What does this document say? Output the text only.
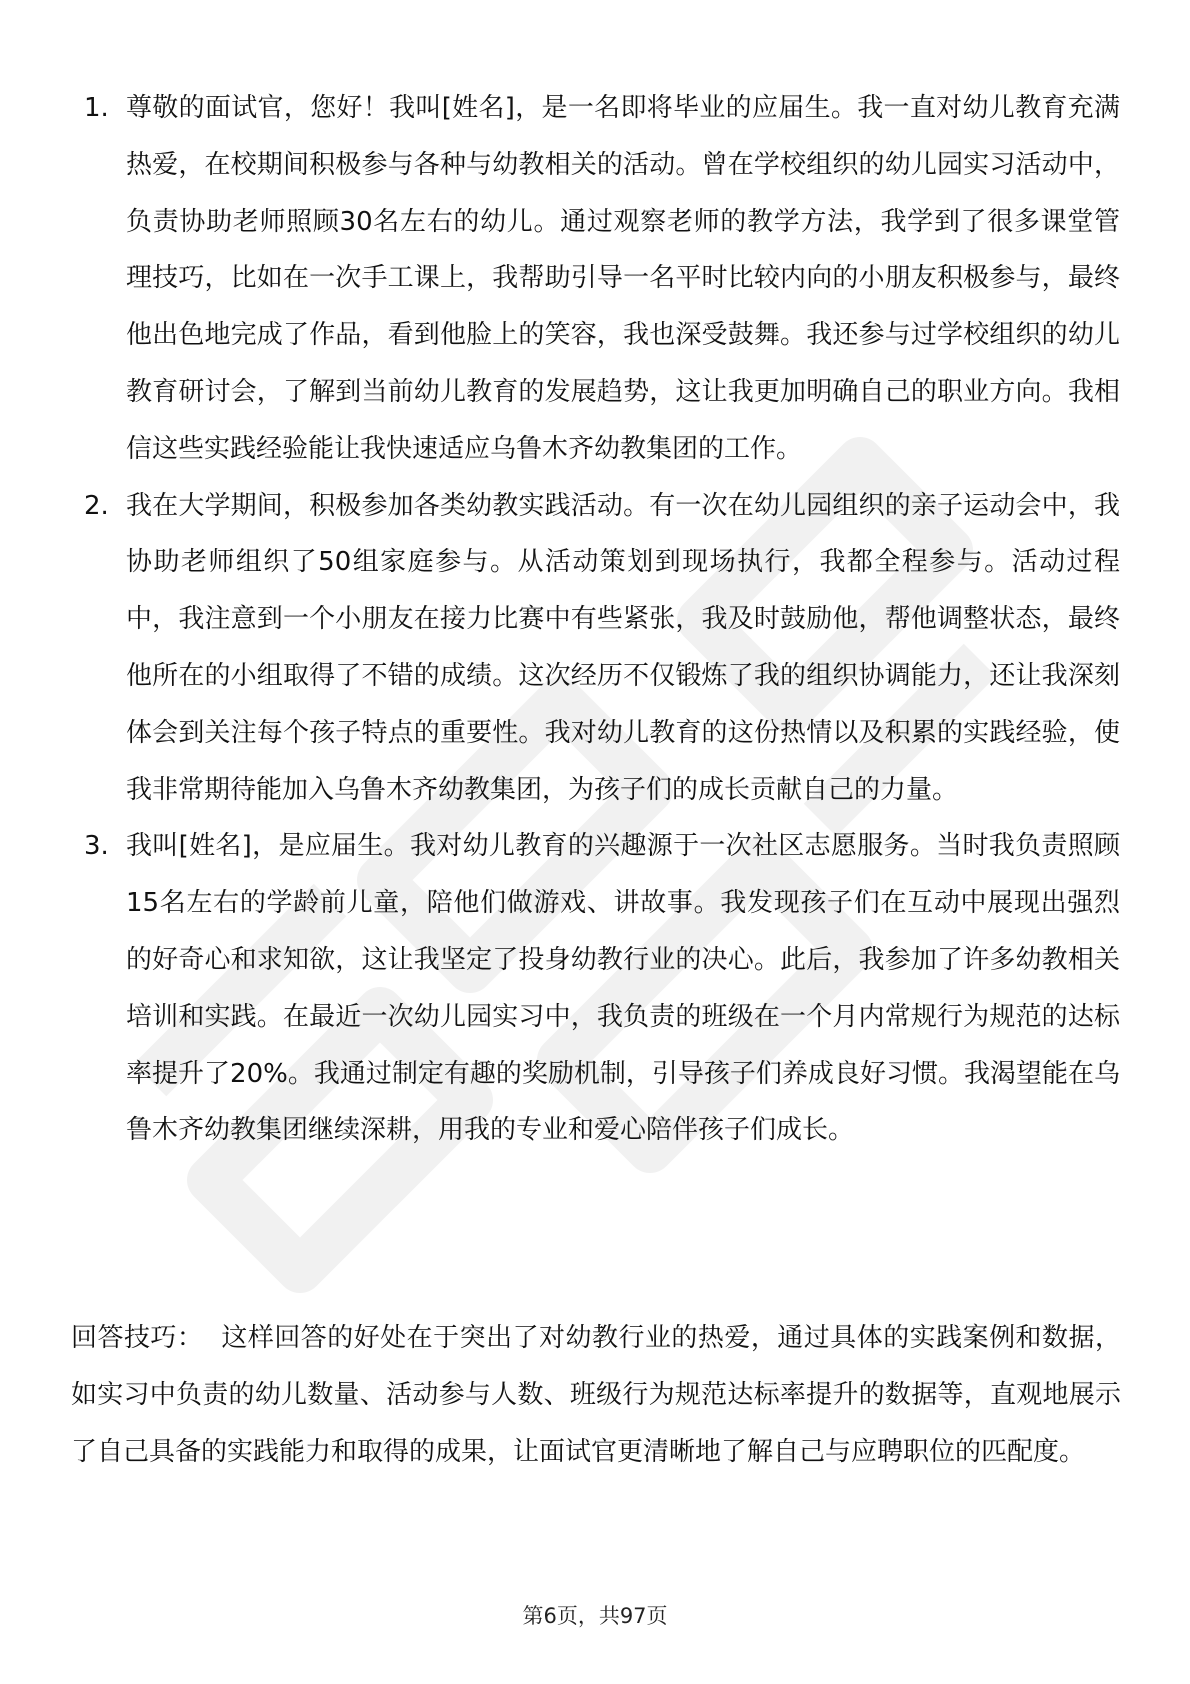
1. 尊敬的面试官，您好！我叫[姓名]，是一名即将毕业的应届生。我一直对幼儿教育充满热爱，在校期间积极参与各种与幼教相关的活动。曾在学校组织的幼儿园实习活动中，负责协助老师照顾30名左右的幼儿。通过观察老师的教学方法，我学到了很多课堂管理技巧，比如在一次手工课上，我帮助引导一名平时比较内向的小朋友积极参与，最终他出色地完成了作品，看到他脸上的笑容，我也深受鼓舞。我还参与过学校组织的幼儿教育研讨会，了解到当前幼儿教育的发展趋势，这让我更加明确自己的职业方向。我相信这些实践经验能让我快速适应乌鲁木齐幼教集团的工作。
2. 我在大学期间，积极参加各类幼教实践活动。有一次在幼儿园组织的亲子运动会中，我协助老师组织了50组家庭参与。从活动策划到现场执行，我都全程参与。活动过程中，我注意到一个小朋友在接力比赛中有些紧张，我及时鼓励他，帮他调整状态，最终他所在的小组取得了不错的成绩。这次经历不仅锻炼了我的组织协调能力，还让我深刻体会到关注每个孩子特点的重要性。我对幼儿教育的这份热情以及积累的实践经验，使我非常期待能加入乌鲁木齐幼教集团，为孩子们的成长贡献自己的力量。
3. 我叫[姓名]，是应届生。我对幼儿教育的兴趣源于一次社区志愿服务。当时我负责照顾15名左右的学龄前儿童，陪他们做游戏、讲故事。我发现孩子们在互动中展现出强烈的好奇心和求知欲，这让我坚定了投身幼教行业的决心。此后，我参加了许多幼教相关培训和实践。在最近一次幼儿园实习中，我负责的班级在一个月内常规行为规范的达标率提升了20%。我通过制定有趣的奖励机制，引导孩子们养成良好习惯。我渴望能在乌鲁木齐幼教集团继续深耕，用我的专业和爱心陪伴孩子们成长。

回答技巧： 这样回答的好处在于突出了对幼教行业的热爱，通过具体的实践案例和数据，如实习中负责的幼儿数量、活动参与人数、班级行为规范达标率提升的数据等，直观地展示了自己具备的实践能力和取得的成果，让面试官更清晰地了解自己与应聘职位的匹配度。

第6页，共97页
